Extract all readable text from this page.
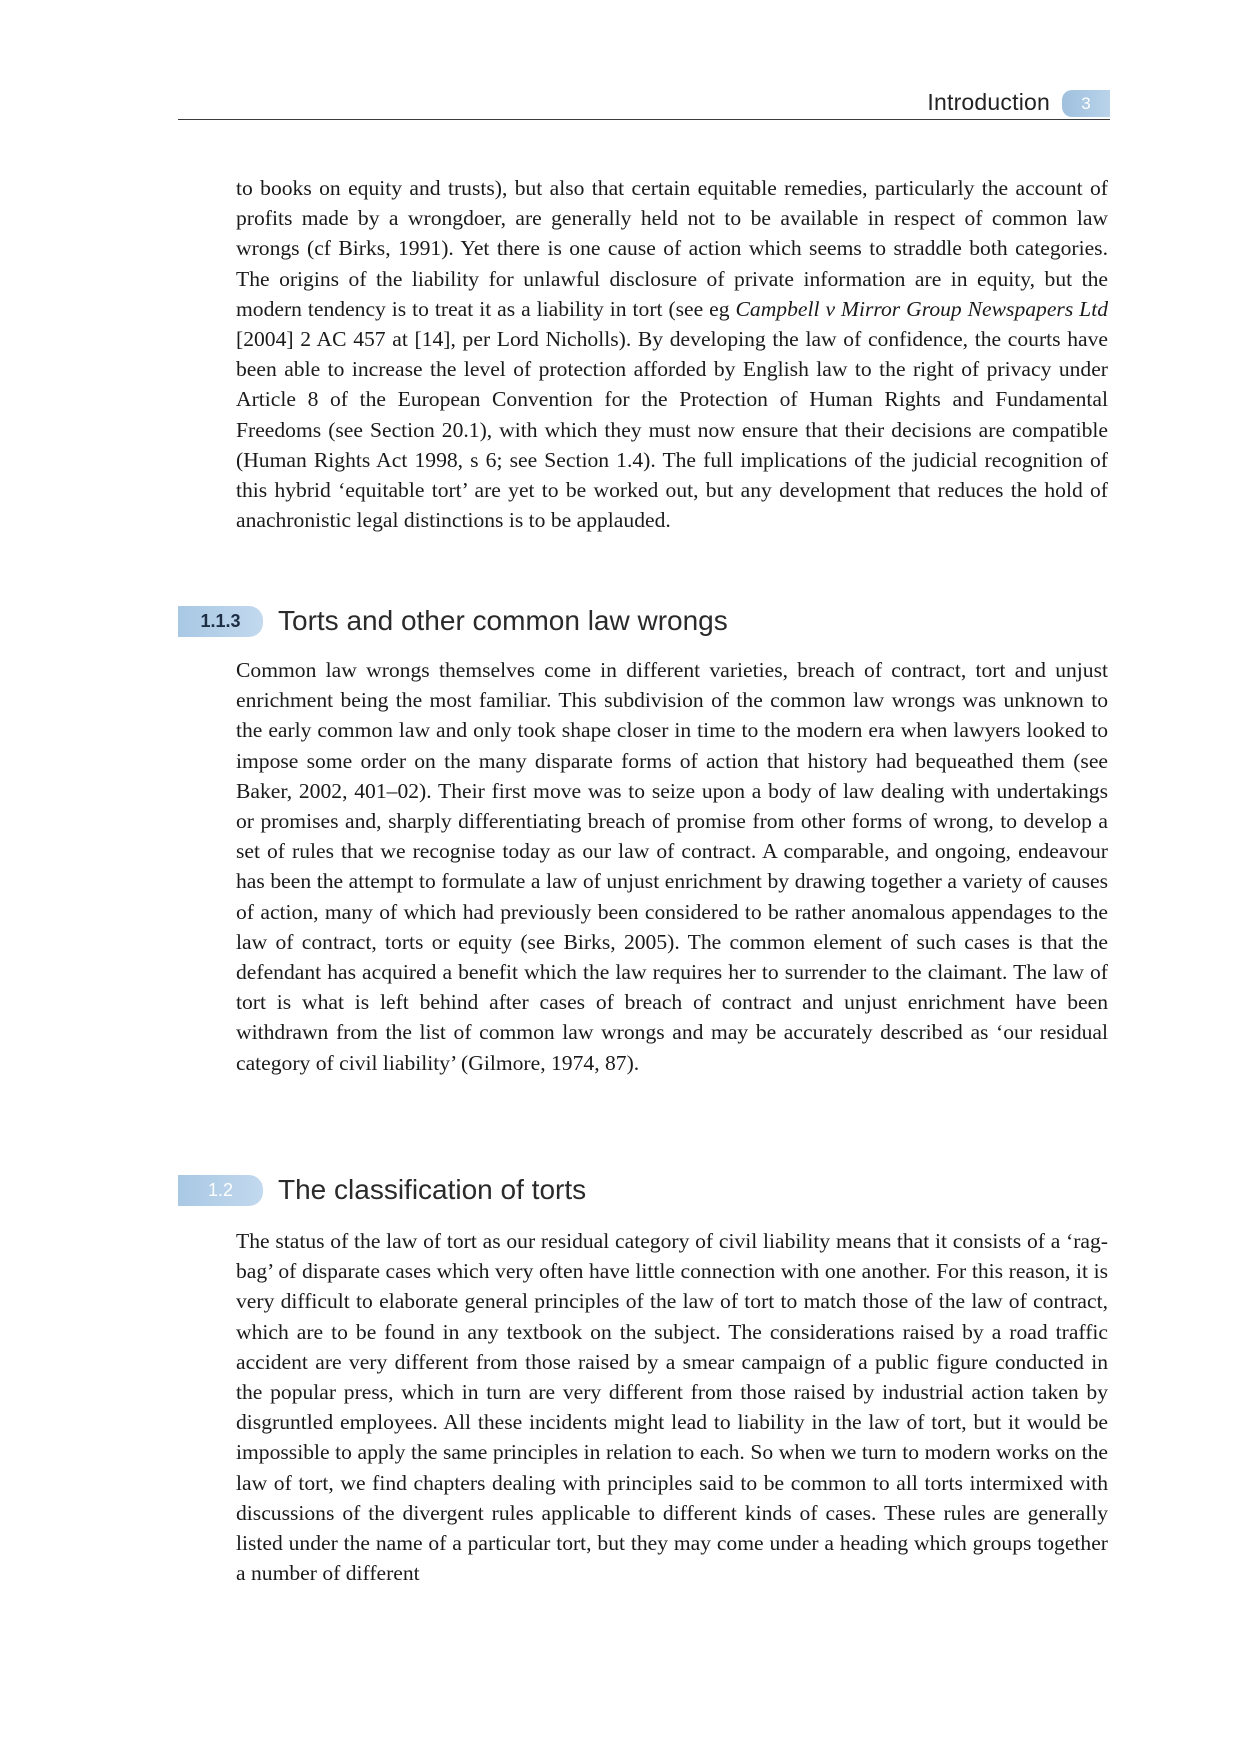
Introduction	3

to books on equity and trusts), but also that certain equitable remedies, particularly the account of profits made by a wrongdoer, are generally held not to be available in respect of common law wrongs (cf Birks, 1991). Yet there is one cause of action which seems to straddle both categories. The origins of the liability for unlawful disclosure of private information are in equity, but the modern tendency is to treat it as a liability in tort (see eg Campbell v Mirror Group Newspapers Ltd [2004] 2 AC 457 at [14], per Lord Nicholls). By developing the law of confidence, the courts have been able to increase the level of protection afforded by English law to the right of privacy under Article 8 of the European Convention for the Protection of Human Rights and Fundamental Freedoms (see Section 20.1), with which they must now ensure that their decisions are compatible (Human Rights Act 1998, s 6; see Section 1.4). The full implications of the judicial recognition of this hybrid ‘equitable tort’ are yet to be worked out, but any development that reduces the hold of anachronistic legal distinctions is to be applauded.

1.1.3	Torts and other common law wrongs

Common law wrongs themselves come in different varieties, breach of contract, tort and unjust enrichment being the most familiar. This subdivision of the common law wrongs was unknown to the early common law and only took shape closer in time to the modern era when lawyers looked to impose some order on the many disparate forms of action that history had bequeathed them (see Baker, 2002, 401–02). Their first move was to seize upon a body of law dealing with undertakings or promises and, sharply differentiating breach of promise from other forms of wrong, to develop a set of rules that we recognise today as our law of contract. A comparable, and ongoing, endeavour has been the attempt to formulate a law of unjust enrichment by drawing together a variety of causes of action, many of which had previously been considered to be rather anomalous appendages to the law of contract, torts or equity (see Birks, 2005). The common element of such cases is that the defendant has acquired a benefit which the law requires her to surrender to the claimant. The law of tort is what is left behind after cases of breach of contract and unjust enrichment have been withdrawn from the list of common law wrongs and may be accurately described as ‘our residual category of civil liability’ (Gilmore, 1974, 87).

1.2	The classification of torts

The status of the law of tort as our residual category of civil liability means that it consists of a ‘rag-bag’ of disparate cases which very often have little connection with one another. For this reason, it is very difficult to elaborate general principles of the law of tort to match those of the law of contract, which are to be found in any textbook on the subject. The considerations raised by a road traffic accident are very different from those raised by a smear campaign of a public figure conducted in the popular press, which in turn are very different from those raised by industrial action taken by disgruntled employees. All these incidents might lead to liability in the law of tort, but it would be impossible to apply the same principles in relation to each. So when we turn to modern works on the law of tort, we find chapters dealing with principles said to be common to all torts intermixed with discussions of the divergent rules applicable to different kinds of cases. These rules are generally listed under the name of a particular tort, but they may come under a heading which groups together a number of different
